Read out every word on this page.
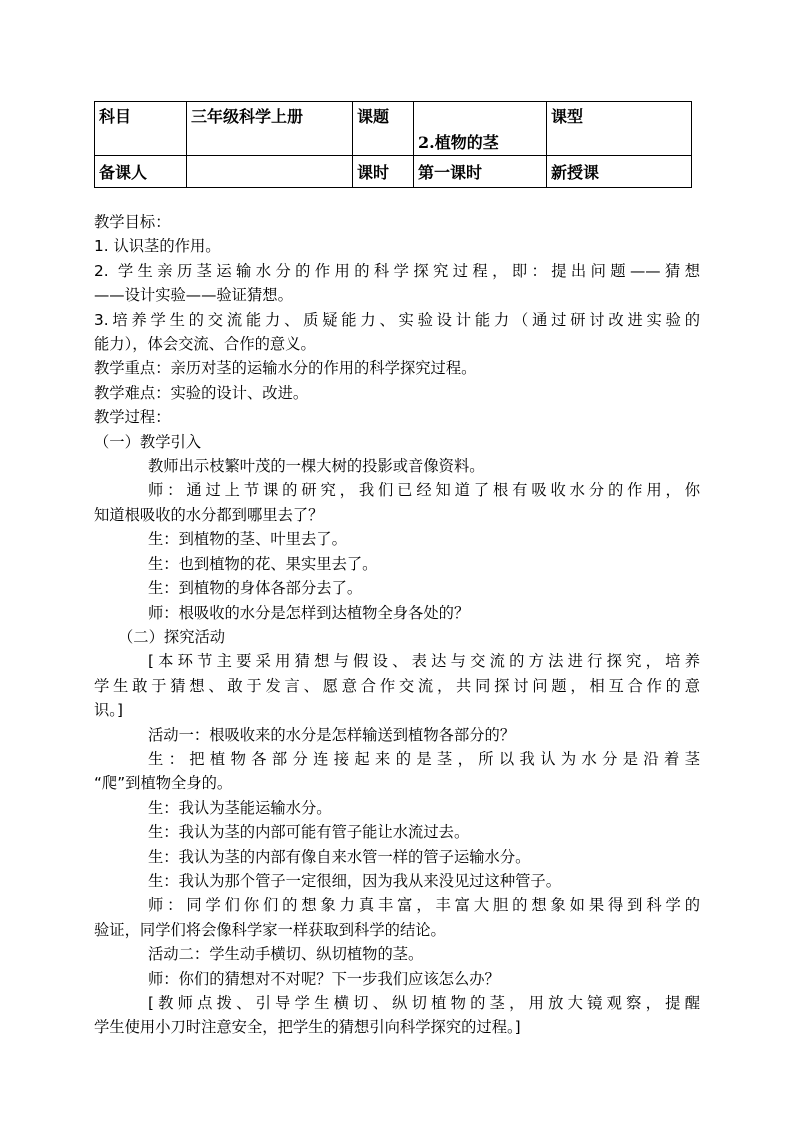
科目	三年级科学上册	课题	2.植物的茎	课型
备课人		课时	第一课时	新授课

教学目标：

1. 认识茎的作用。

2. 学生亲历茎运输水分的作用的科学探究过程，即：提出问题——猜想

——设计实验——验证猜想。

3.培养学生的交流能力、质疑能力、实验设计能力（通过研讨改进实验的

能力），体会交流、合作的意义。

教学重点：亲历对茎的运输水分的作用的科学探究过程。

教学难点：实验的设计、改进。

教学过程：

（一）教学引入

教师出示枝繁叶茂的一棵大树的投影或音像资料。

师：通过上节课的研究，我们已经知道了根有吸收水分的作用，你

知道根吸收的水分都到哪里去了？

生：到植物的茎、叶里去了。

生：也到植物的花、果实里去了。

生：到植物的身体各部分去了。

师：根吸收的水分是怎样到达植物全身各处的？

（二）探究活动

[本环节主要采用猜想与假设、表达与交流的方法进行探究，培养

学生敢于猜想、敢于发言、愿意合作交流，共同探讨问题，相互合作的意

识。]

活动一：根吸收来的水分是怎样输送到植物各部分的？

生：把植物各部分连接起来的是茎，所以我认为水分是沿着茎

“爬”到植物全身的。

生：我认为茎能运输水分。

生：我认为茎的内部可能有管子能让水流过去。

生：我认为茎的内部有像自来水管一样的管子运输水分。

生：我认为那个管子一定很细，因为我从来没见过这种管子。

师：同学们你们的想象力真丰富，丰富大胆的想象如果得到科学的

验证，同学们将会像科学家一样获取到科学的结论。

活动二：学生动手横切、纵切植物的茎。

师：你们的猜想对不对呢？下一步我们应该怎么办？

[教师点拨、引导学生横切、纵切植物的茎，用放大镜观察，提醒

学生使用小刀时注意安全，把学生的猜想引向科学探究的过程。]
